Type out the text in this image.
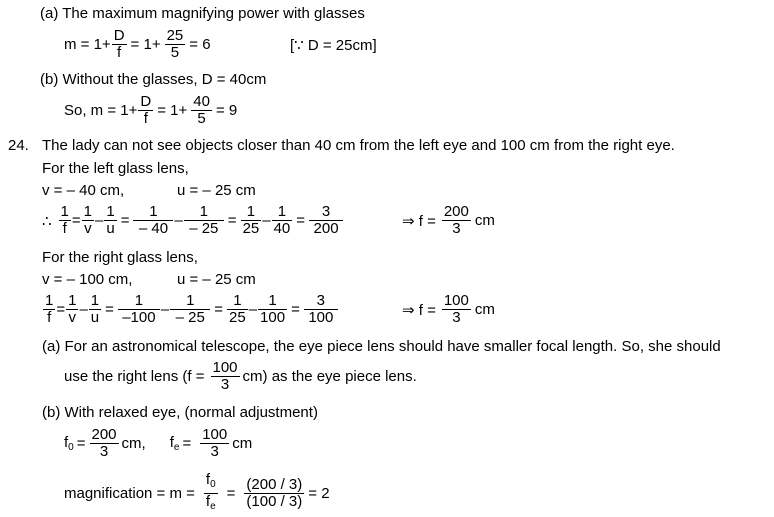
(a) The maximum magnifying power with glasses
$m = 1+ \frac{D}{f} = 1+ \frac{25}{5} = 6$	[∵ D = 25cm]
(b) Without the glasses, D = 40cm
So, $m = 1+ \frac{D}{f} = 1+ \frac{40}{5} = 9$
24. The lady can not see objects closer than 40 cm from the left eye and 100 cm from the right eye.
For the left glass lens,
v = – 40 cm,	u = – 25 cm
∴ $\frac{1}{f} = \frac{1}{v} - \frac{1}{u} = \frac{1}{- 40} - \frac{1}{- 25} = \frac{1}{25} - \frac{1}{40} = \frac{3}{200}$	⇒ $f = \frac{200}{3}$ cm
For the right glass lens,
v = – 100 cm,	u = – 25 cm
$\frac{1}{f} = \frac{1}{v} - \frac{1}{u} = \frac{1}{-100} - \frac{1}{- 25} = \frac{1}{25} - \frac{1}{100} = \frac{3}{100}$	⇒ $f = \frac{100}{3}$ cm
(a) For an astronomical telescope, the eye piece lens should have smaller focal length. So, she should
use the right lens $(f = \frac{100}{3} cm)$ as the eye piece lens.
(b) With relaxed eye, (normal adjustment)
$f_0 = \frac{200}{3}$ cm, $f_e = \frac{100}{3}$ cm
magnification = $m = \frac{f_0}{f_e} = \frac{(200 / 3)}{(100 / 3)} = 2$
